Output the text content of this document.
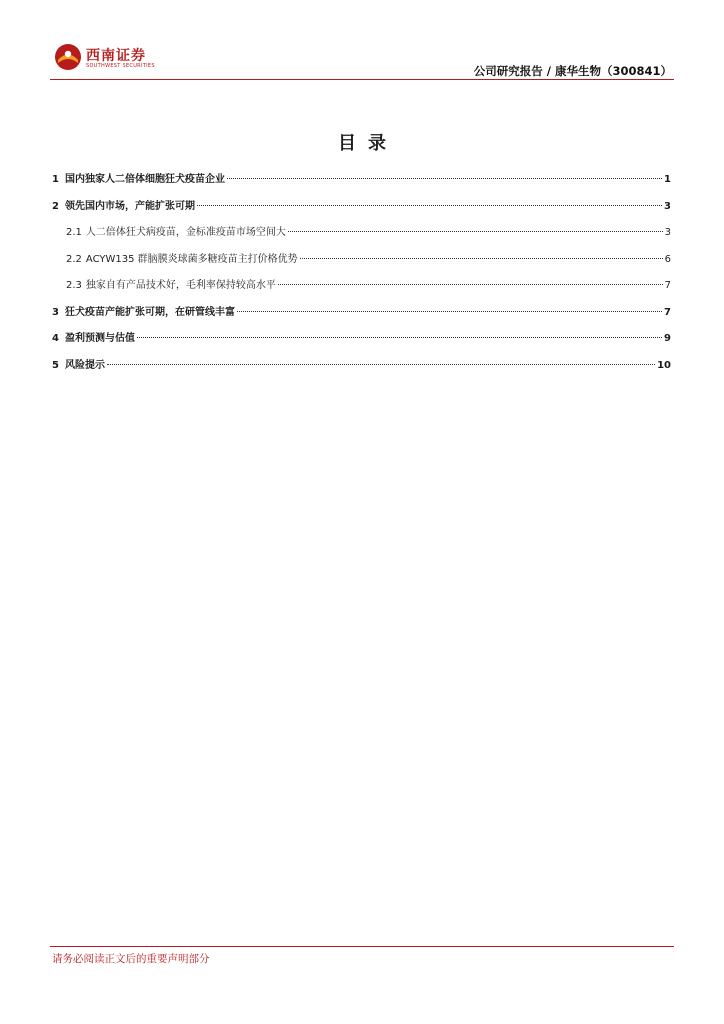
西南证券
SOUTHWEST SECURITIES	公司研究报告 / 康华生物（300841）
目录
1 国内独家人二倍体细胞狂犬疫苗企业	1
2 领先国内市场，产能扩张可期	3
2.1 人二倍体狂犬病疫苗，金标准疫苗市场空间大	3
2.2 ACYW135 群脑膜炎球菌多糖疫苗主打价格优势	6
2.3 独家自有产品技术好，毛利率保持较高水平	7
3 狂犬疫苗产能扩张可期，在研管线丰富	7
4 盈利预测与估值	9
5 风险提示	10
请务必阅读正文后的重要声明部分
